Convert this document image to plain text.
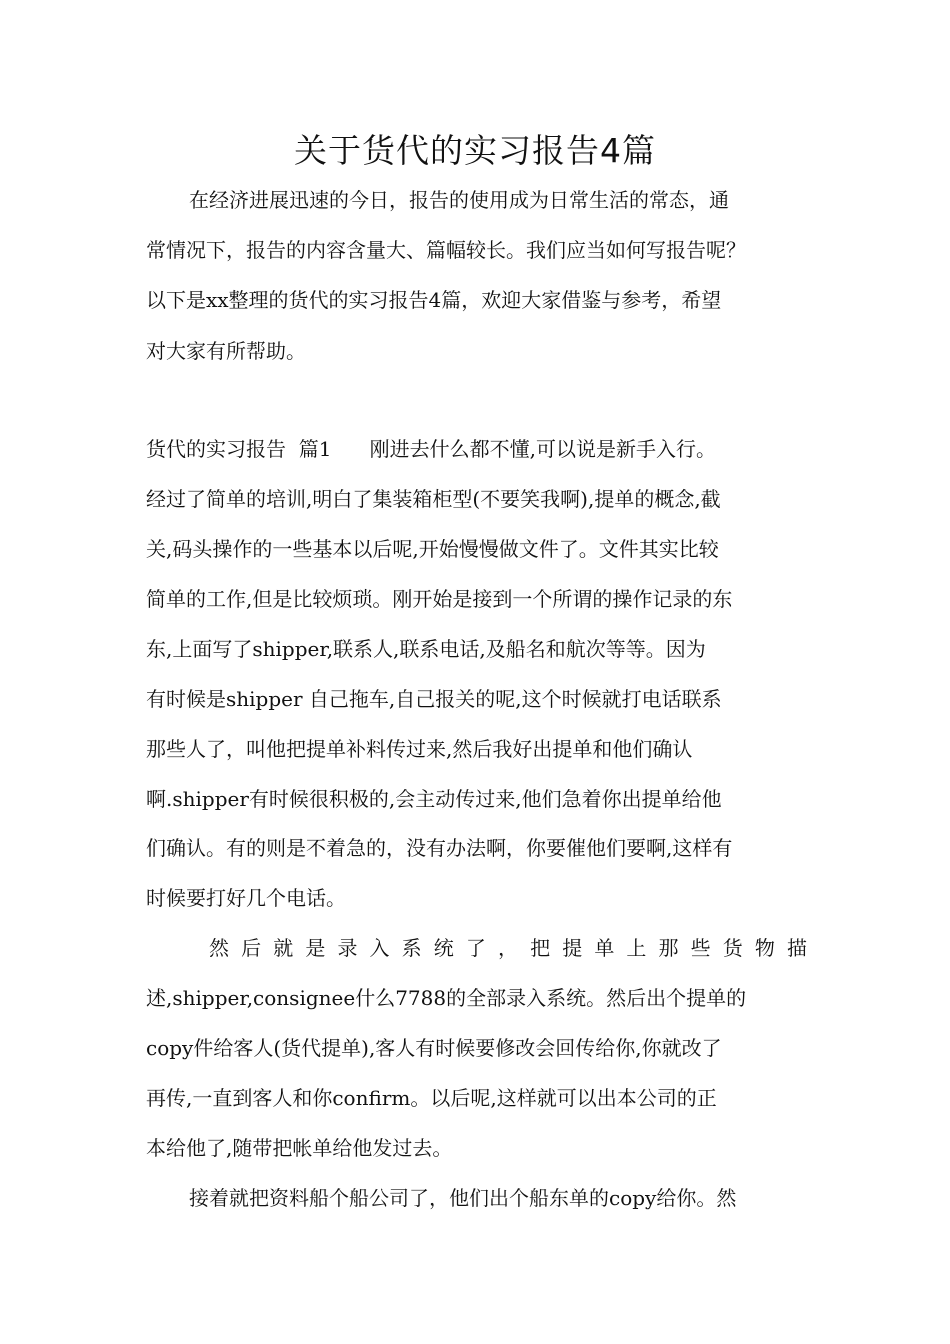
关于货代的实习报告4篇
在经济进展迅速的今日，报告的使用成为日常生活的常态，通
常情况下，报告的内容含量大、篇幅较长。我们应当如何写报告呢？
以下是xx整理的货代的实习报告4篇，欢迎大家借鉴与参考，希望
对大家有所帮助。
货代的实习报告  篇1      刚进去什么都不懂,可以说是新手入行。
经过了简单的培训,明白了集装箱柜型(不要笑我啊),提单的概念,截
关,码头操作的一些基本以后呢,开始慢慢做文件了。文件其实比较
简单的工作,但是比较烦琐。刚开始是接到一个所谓的操作记录的东
东,上面写了shipper,联系人,联系电话,及船名和航次等等。因为
有时候是shipper 自己拖车,自己报关的呢,这个时候就打电话联系
那些人了，叫他把提单补料传过来,然后我好出提单和他们确认
啊.shipper有时候很积极的,会主动传过来,他们急着你出提单给他
们确认。有的则是不着急的，没有办法啊，你要催他们要啊,这样有
时候要打好几个电话。
然 后 就 是 录 入 系 统 了 ， 把 提 单 上 那 些 货 物 描
述,shipper,consignee什么7788的全部录入系统。然后出个提单的
copy件给客人(货代提单),客人有时候要修改会回传给你,你就改了
再传,一直到客人和你confirm。以后呢,这样就可以出本公司的正
本给他了,随带把帐单给他发过去。
接着就把资料船个船公司了，他们出个船东单的copy给你。然
